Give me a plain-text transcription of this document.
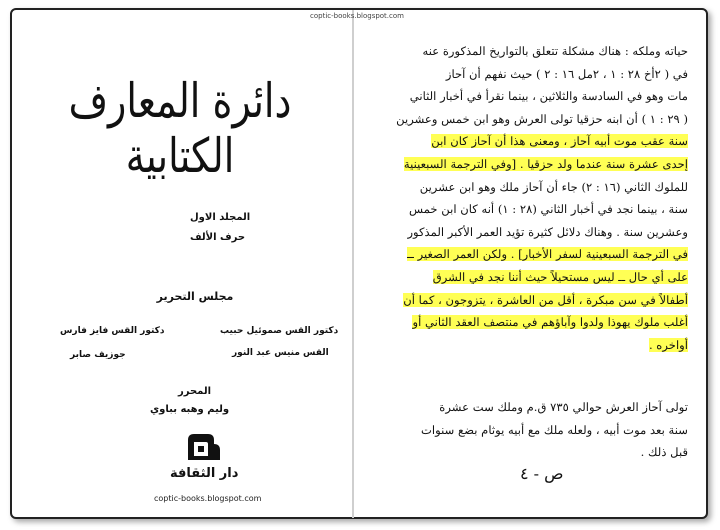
coptic-books.blogspot.com
دائرة المعارف الكتابية
المجلد الاول
حرف الألف
مجلس التحرير
دكتور القس صموئيل حبيب
دكتور القس فايز فارس
القس منيس عبد النور
جوزيف صابر
المحرر
وليم وهبه بباوي
دار الثقافة
coptic-books.blogspot.com
حياته وملكه : هناك مشكلة تتعلق بالتواريخ المذكورة عنه
في ( ٢أخ ٢٨ : ١ ، ٢مل ١٦ : ٢ ) حيث نفهم أن آحاز
مات وهو في السادسة والثلاثين ، بينما نقرأ في أخبار الثاني
( ٢٩ : ١ ) أن ابنه حزقيا تولى العرش وهو ابن خمس وعشرين
سنة عقب موت أبيه آحاز ، ومعنى هذا أن آحاز كان ابن
إحدى عشرة سنة عندما ولد حزقيا . [وفي الترجمة السبعينية
للملوك الثاني (١٦ : ٢) جاء أن آحاز ملك وهو ابن عشرين
سنة ، بينما نجد في أخبار الثاني (٢٨ : ١) أنه كان ابن خمس
وعشرين سنة . وهناك دلائل كثيرة تؤيد العمر الأكبر المذكور
في الترجمة السبعينية لسفر الأخبار] . ولكن العمر الصغير ــ
على أي حال ــ ليس مستحيلاً حيث أننا نجد في الشرق
أطفالاً في سن مبكرة ، أقل من العاشرة ، يتزوجون ، كما أن
أغلب ملوك يهوذا ولدوا وآباؤهم في منتصف العقد الثاني أو
أواخره .
تولى آحاز العرش حوالي ٧٣٥ ق.م وملك ست عشرة
سنة بعد موت أبيه ، ولعله ملك مع أبيه يوثام بضع سنوات
قبل ذلك .
ص - ٤
